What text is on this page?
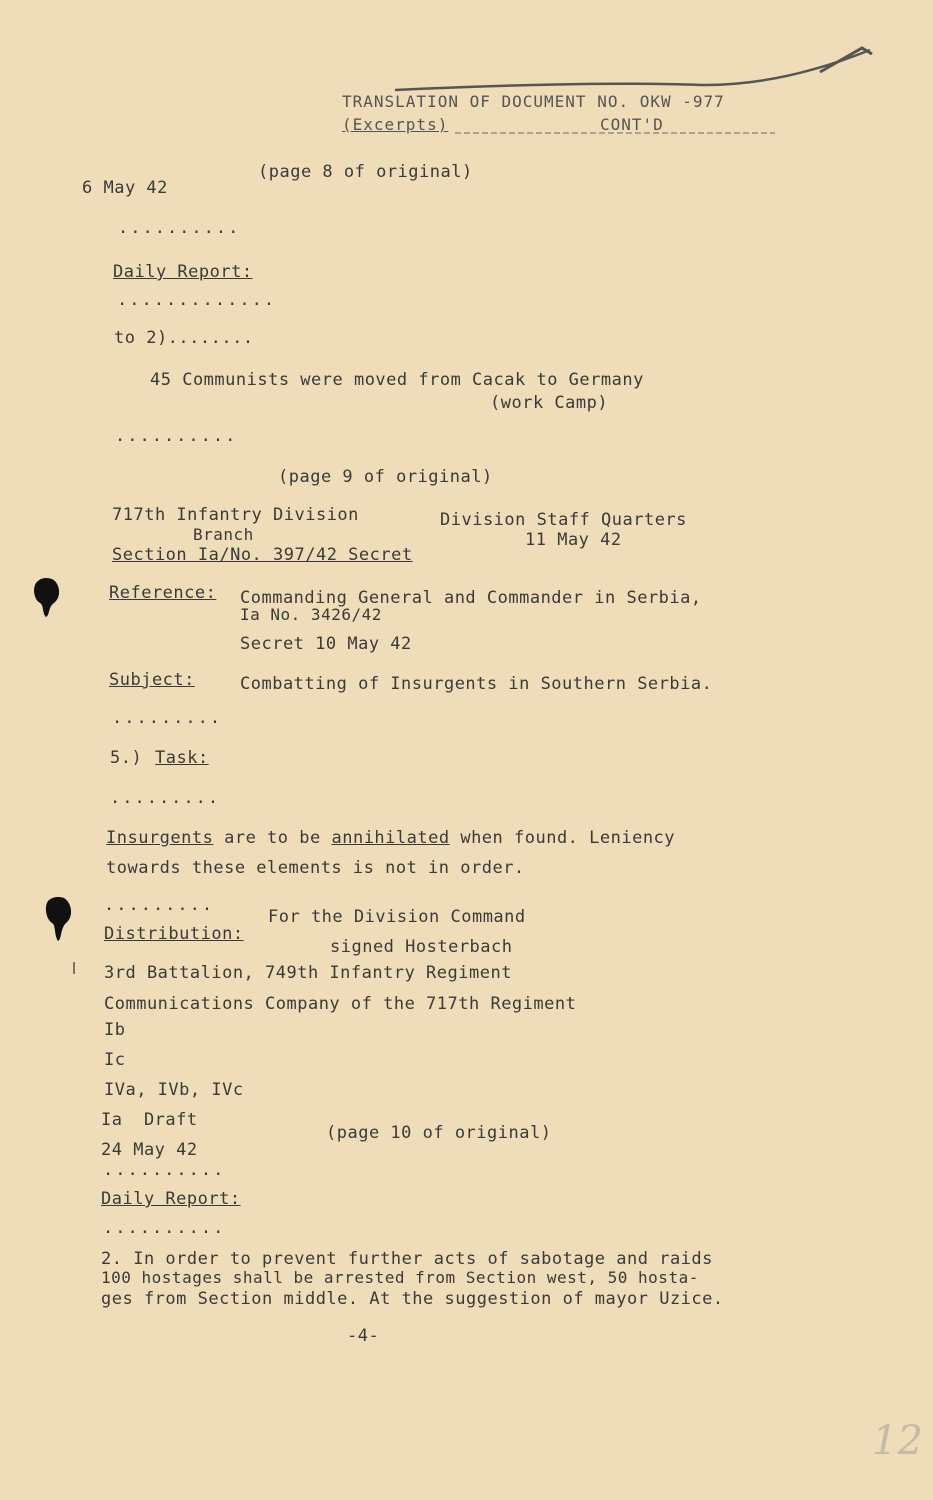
TRANSLATION OF DOCUMENT NO. OKW -977
(Excerpts)	CONT'D
(page 8 of original)
6 May 42
..........
Daily Report:
.............
to 2)........
45 Communists were moved from Cacak to Germany
(work Camp)
..........
(page 9 of original)
717th Infantry Division
Branch
Section Ia/No. 397/42 Secret
Division Staff Quarters
11 May 42
Reference: Commanding General and Commander in Serbia,
Ia No. 3426/42
Secret 10 May 42
Subject:	Combatting of Insurgents in Southern Serbia.
.........
5.) Task:
.........
Insurgents are to be annihilated when found. Leniency
towards these elements is not in order.
.........
For the Division Command
signed Hosterbach
Distribution:
3rd Battalion, 749th Infantry Regiment
Communications Company of the 717th Regiment
Ib
Ic
IVa, IVb, IVc
Ia  Draft
(page 10 of original)
24 May 42
..........
Daily Report:
..........
2. In order to prevent further acts of sabotage and raids
100 hostages shall be arrested from Section west, 50 hosta-
ges from Section middle. At the suggestion of mayor Uzice.
-4-
12
